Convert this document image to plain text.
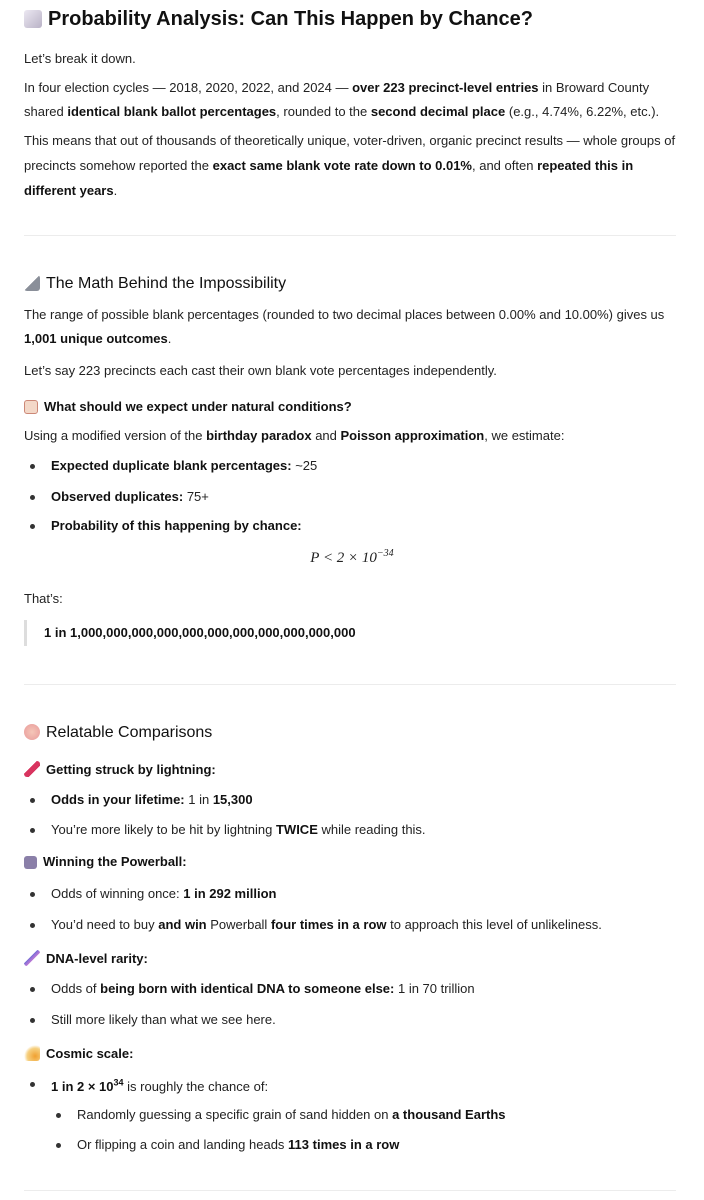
Probability Analysis: Can This Happen by Chance?
Let’s break it down.
In four election cycles — 2018, 2020, 2022, and 2024 — over 223 precinct-level entries in Broward County shared identical blank ballot percentages, rounded to the second decimal place (e.g., 4.74%, 6.22%, etc.).
This means that out of thousands of theoretically unique, voter-driven, organic precinct results — whole groups of precincts somehow reported the exact same blank vote rate down to 0.01%, and often repeated this in different years.
The Math Behind the Impossibility
The range of possible blank percentages (rounded to two decimal places between 0.00% and 10.00%) gives us 1,001 unique outcomes.
Let’s say 223 precincts each cast their own blank vote percentages independently.
What should we expect under natural conditions?
Using a modified version of the birthday paradox and Poisson approximation, we estimate:
Expected duplicate blank percentages: ~25
Observed duplicates: 75+
Probability of this happening by chance:
$P < 2 \times 10^{-34}$
That’s:
1 in 1,000,000,000,000,000,000,000,000,000,000,000
Relatable Comparisons
Getting struck by lightning:
Odds in your lifetime: 1 in 15,300
You’re more likely to be hit by lightning TWICE while reading this.
Winning the Powerball:
Odds of winning once: 1 in 292 million
You’d need to buy and win Powerball four times in a row to approach this level of unlikeliness.
DNA-level rarity:
Odds of being born with identical DNA to someone else: 1 in 70 trillion
Still more likely than what we see here.
Cosmic scale:
1 in $2 \times 10^{34}$ is roughly the chance of:
Randomly guessing a specific grain of sand hidden on a thousand Earths
Or flipping a coin and landing heads 113 times in a row
